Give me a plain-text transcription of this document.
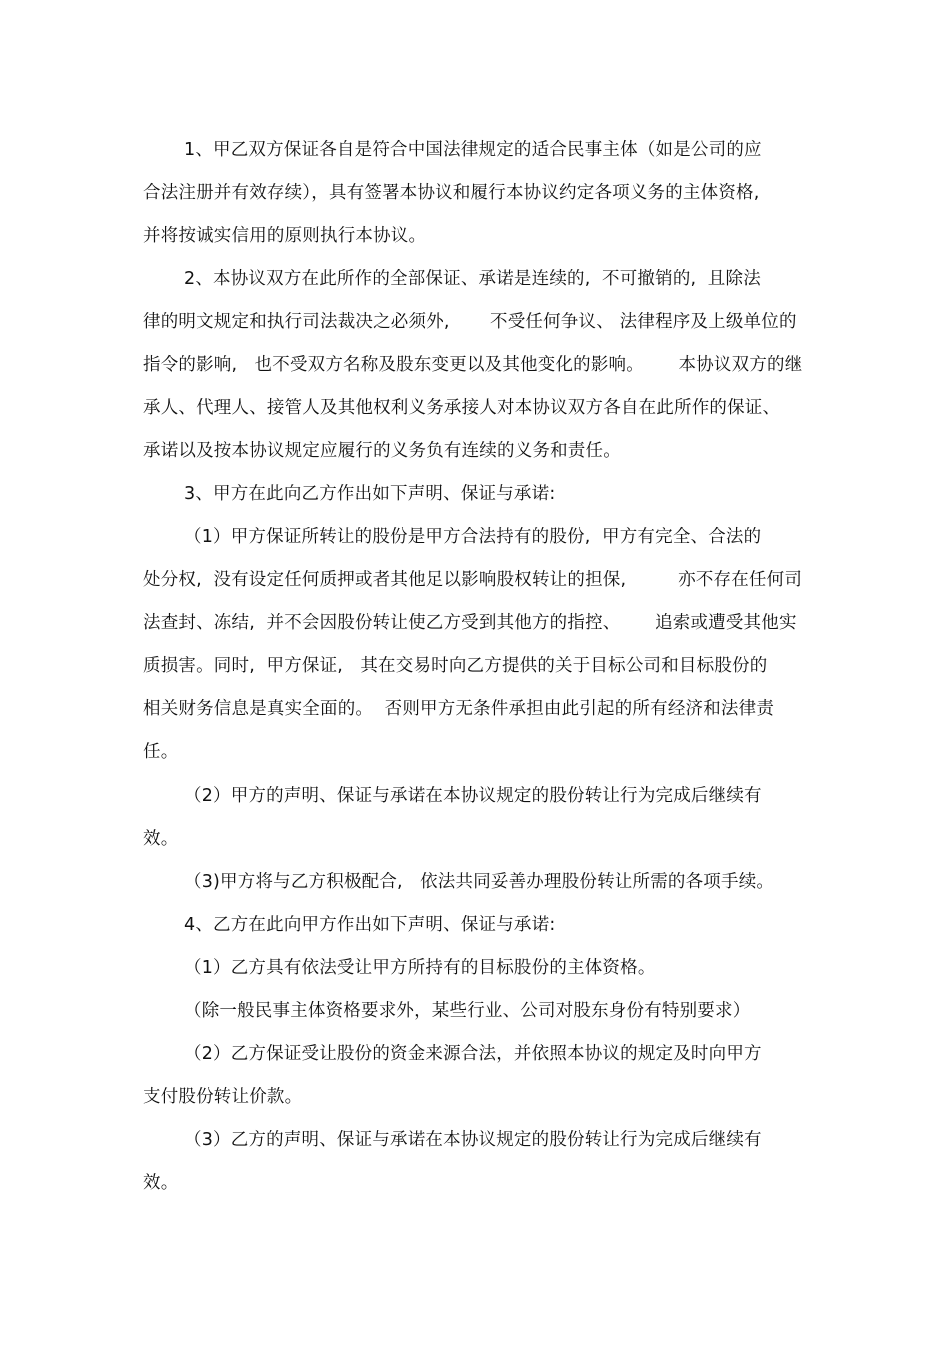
1、甲乙双方保证各自是符合中国法律规定的适合民事主体（如是公司的应

合法注册并有效存续），具有签署本协议和履行本协议约定各项义务的主体资格,

并将按诚实信用的原则执行本协议。

2、本协议双方在此所作的全部保证、承诺是连续的,  不可撤销的,  且除法

律的明文规定和执行司法裁决之必须外,       不受任何争议、 法律程序及上级单位的

指令的影响,   也不受双方名称及股东变更以及其他变化的影响。      本协议双方的继

承人、代理人、接管人及其他权利义务承接人对本协议双方各自在此所作的保证、

承诺以及按本协议规定应履行的义务负有连续的义务和责任。

3、甲方在此向乙方作出如下声明、保证与承诺:

（1）甲方保证所转让的股份是甲方合法持有的股份,  甲方有完全、合法的

处分权,  没有设定任何质押或者其他足以影响股权转让的担保,         亦不存在任何司

法查封、冻结,  并不会因股份转让使乙方受到其他方的指控、      追索或遭受其他实

质损害。同时,  甲方保证,   其在交易时向乙方提供的关于目标公司和目标股份的

相关财务信息是真实全面的。  否则甲方无条件承担由此引起的所有经济和法律责

任。

（2）甲方的声明、保证与承诺在本协议规定的股份转让行为完成后继续有

效。

（3)甲方将与乙方积极配合,   依法共同妥善办理股份转让所需的各项手续。

4、乙方在此向甲方作出如下声明、保证与承诺:

（1）乙方具有依法受让甲方所持有的目标股份的主体资格。

（除一般民事主体资格要求外，某些行业、公司对股东身份有特别要求）

（2）乙方保证受让股份的资金来源合法，并依照本协议的规定及时向甲方

支付股份转让价款。

（3）乙方的声明、保证与承诺在本协议规定的股份转让行为完成后继续有

效。
